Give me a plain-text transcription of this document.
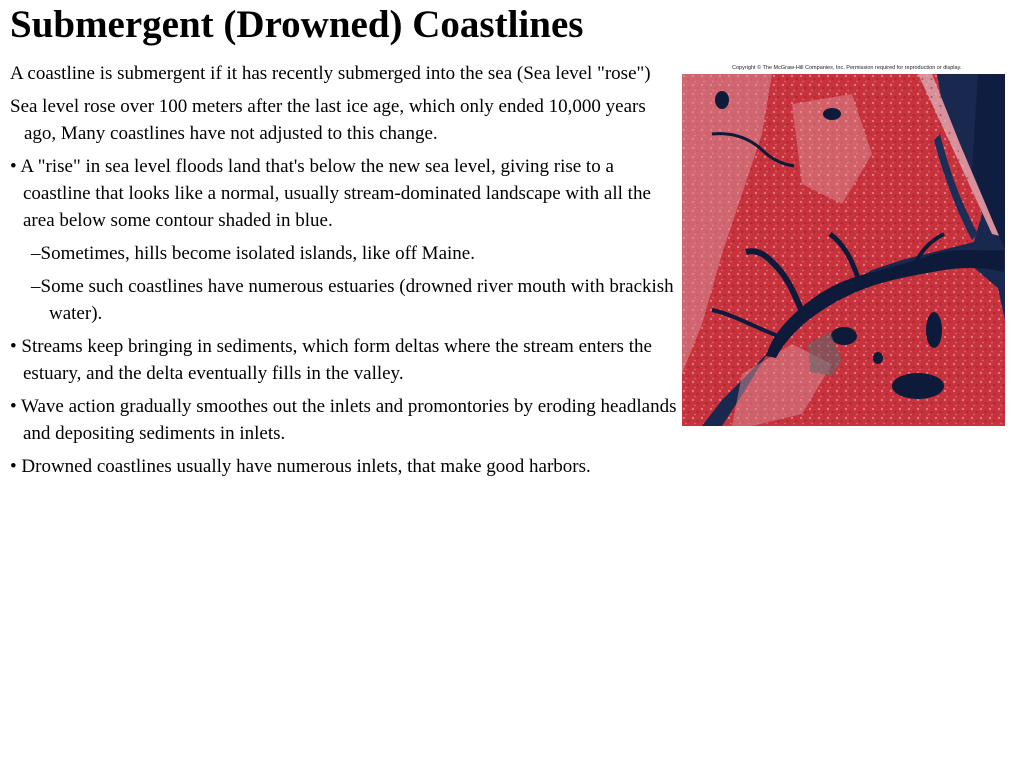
Submergent (Drowned) Coastlines

A coastline is submergent if it has recently submerged into the sea (Sea level "rose")

Sea level rose over 100 meters after the last ice age, which only ended 10,000 years ago, Many coastlines have not adjusted to this change.

• A "rise" in sea level floods land that's below the new sea level, giving rise to a coastline that looks like a normal, usually stream-dominated landscape with all the area below some contour shaded in blue.

–Sometimes, hills become isolated islands, like off Maine.

–Some such coastlines have numerous estuaries (drowned river mouth with brackish water).

• Streams keep bringing in sediments, which form deltas where the stream enters the estuary, and the delta eventually fills in the valley.

• Wave action gradually smoothes out the inlets and promontories by eroding headlands and depositing sediments in inlets.

• Drowned coastlines usually have numerous inlets, that make good harbors.

Copyright © The McGraw-Hill Companies, Inc. Permission required for reproduction or display.
